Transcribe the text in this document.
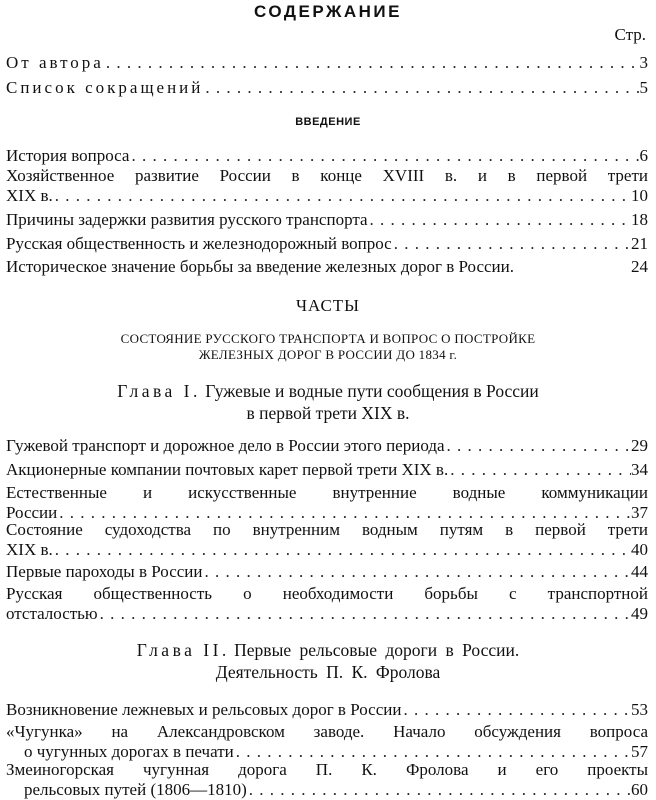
СОДЕРЖАНИЕ
Стр.
От автора . . .	3
Список сокращений . . .	5
ВВЕДЕНИЕ
История вопроса . . .	6
Хозяйственное развитие России в конце XVIII в. и в первой трети
XIX в. . . .	10
Причины задержки развития русского транспорта . . .	18
Русская общественность и железнодорожный вопрос . . .	21
Историческое значение борьбы за введение железных дорог в России.	24
ЧАСТЫ
СОСТОЯНИЕ РУССКОГО ТРАНСПОРТА И ВОПРОС О ПОСТРОЙКЕ
ЖЕЛЕЗНЫХ ДОРОГ В РОССИИ ДО 1834 г.
Глава I. Гужевые и водные пути сообщения в России
в первой трети XIX в.
Гужевой транспорт и дорожное дело в России этого периода . . .	29
Акционерные компании почтовых карет первой трети XIX в. . . .	34
Естественные и искусственные внутренние водные коммуникации
России . . .	37
Состояние судоходства по внутренним водным путям в первой трети
XIX в. . . .	40
Первые пароходы в России . . .	44
Русская общественность о необходимости борьбы с транспортной
отсталостью . . .	49
Глава II. Первые рельсовые дороги в России.
Деятельность П. К. Фролова
Возникновение лежневых и рельсовых дорог в России . . .	53
«Чугунка» на Александровском заводе. Начало обсуждения вопроса
о чугунных дорогах в печати . . .	57
Змеиногорская чугунная дорога П. К. Фролова и его проекты
рельсовых путей (1806—1810) . . .	60
